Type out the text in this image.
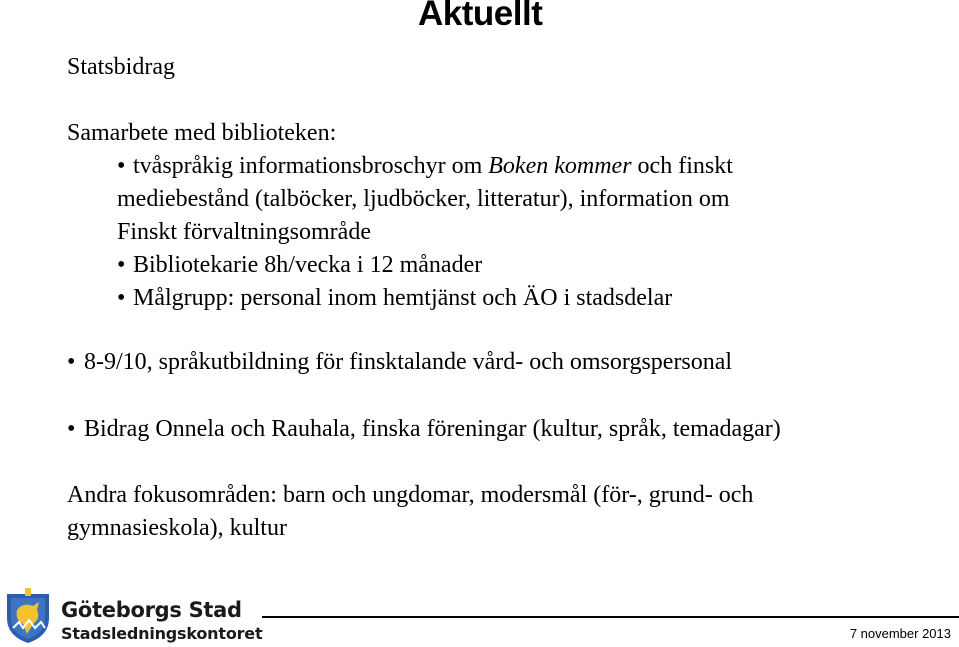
Aktuellt
Statsbidrag
Samarbete med biblioteken:
• tvåspråkig informationsbroschyr om Boken kommer och finskt
mediebestånd (talböcker, ljudböcker, litteratur), information om
Finskt förvaltningsområde
• Bibliotekarie 8h/vecka i 12 månader
• Målgrupp: personal inom hemtjänst och ÄO i stadsdelar
• 8-9/10, språkutbildning för finsktalande vård- och omsorgspersonal
• Bidrag Onnela och Rauhala, finska föreningar (kultur, språk, temadagar)
Andra fokusområden: barn och ungdomar, modersmål (för-, grund- och
gymnasieskola), kultur
Göteborgs Stad
Stadsledningskontoret	7 november 2013
